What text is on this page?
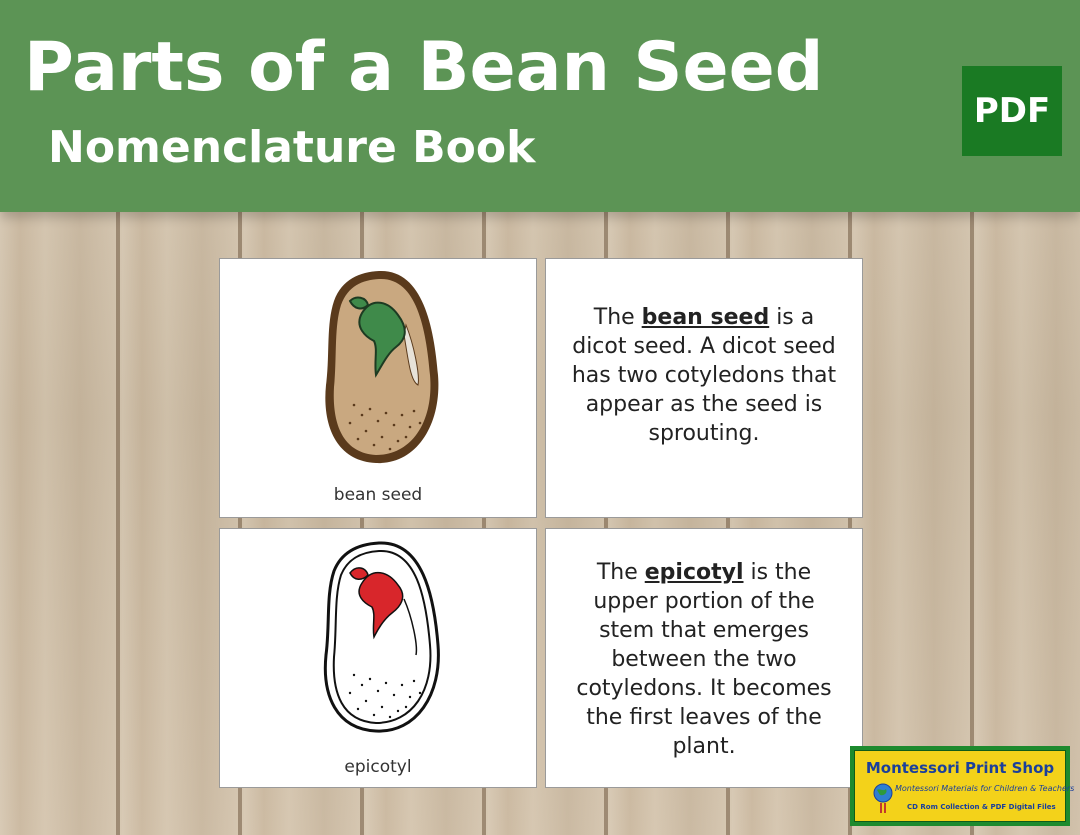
Parts of a Bean Seed
Nomenclature Book
PDF
bean seed
The bean seed is a dicot seed. A dicot seed has two cotyledons that appear as the seed is sprouting.
epicotyl
The epicotyl is the upper portion of the stem that emerges between the two cotyledons. It becomes the first leaves of the plant.
Montessori Print Shop
Montessori Materials for Children & Teachers
CD Rom Collection & PDF Digital Files
